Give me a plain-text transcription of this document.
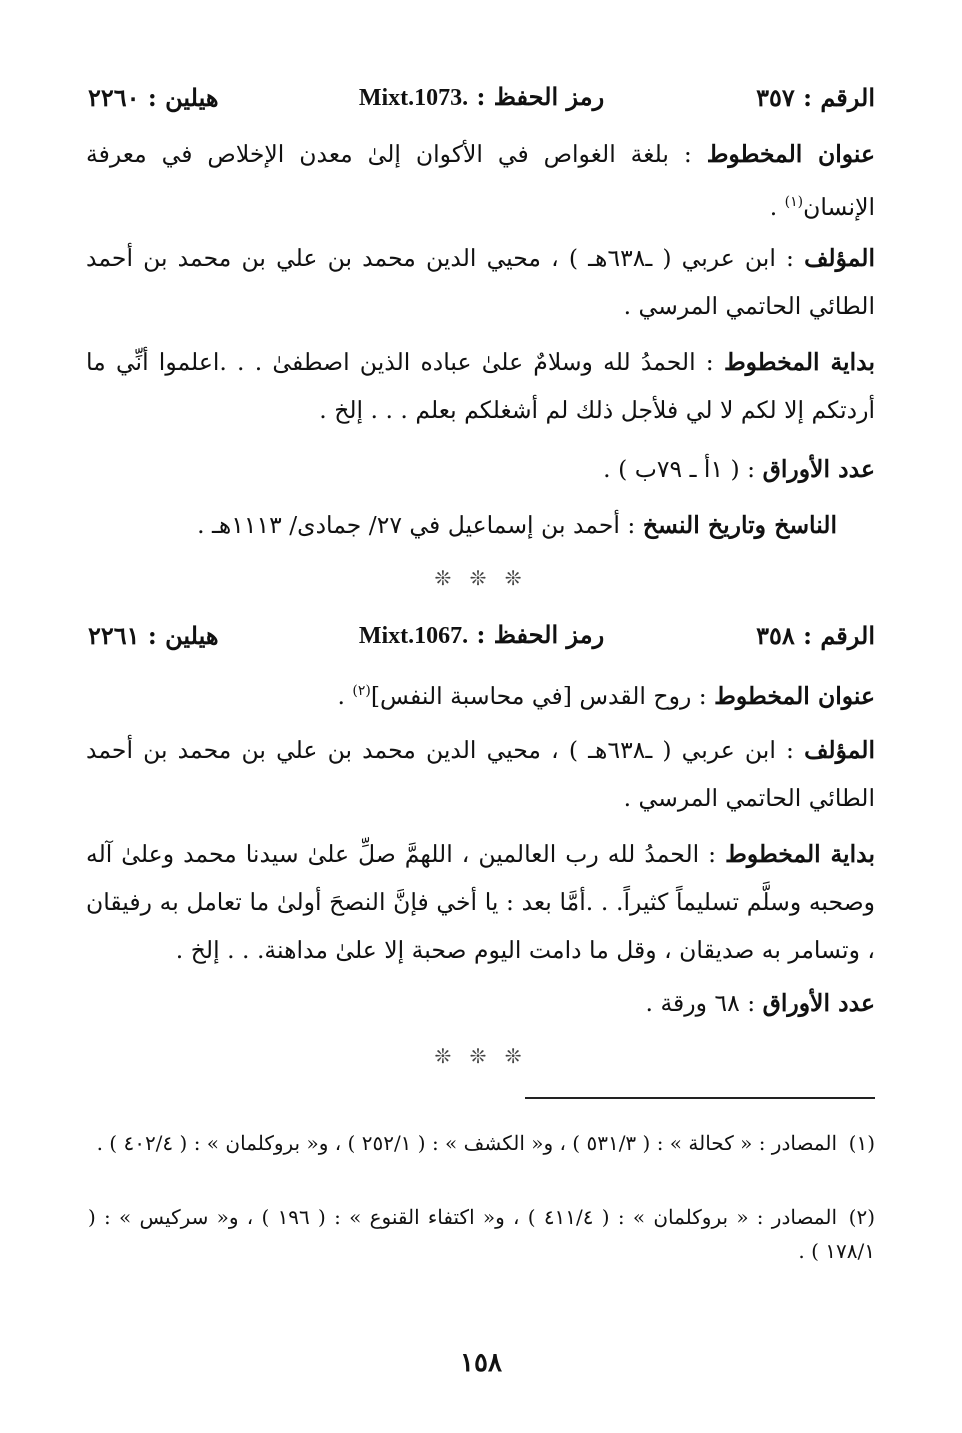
الرقم : ٣٥٧
رمز الحفظ : Mixt.1073.
هيلين : ٢٢٦٠
عنوان المخطوط : بلغة الغواص في الأكوان إلىٰ معدن الإخلاص في معرفة الإنسان$^{(١)}$ .
المؤلف : ابن عربي ( ـ٦٣٨هـ ) ، محيي الدين محمد بن علي بن محمد بن أحمد الطائي الحاتمي المرسي .
بداية المخطوط : الحمدُ لله وسلامٌ علىٰ عباده الذين اصطفىٰ . . .اعلموا أنِّي ما أردتكم إلا لكم لا لي فلأجل ذلك لم أشغلكم بعلم . . . إلخ .
عدد الأوراق : ( ١أ ـ ٧٩ب ) .
الناسخ وتاريخ النسخ : أحمد بن إسماعيل في ٢٧/ جمادى/ ١١١٣هـ .
❊ ❊ ❊
الرقم : ٣٥٨
رمز الحفظ : Mixt.1067.
هيلين : ٢٢٦١
عنوان المخطوط : روح القدس [في محاسبة النفس]$^{(٢)}$ .
المؤلف : ابن عربي ( ـ٦٣٨هـ ) ، محيي الدين محمد بن علي بن محمد بن أحمد الطائي الحاتمي المرسي .
بداية المخطوط : الحمدُ لله رب العالمين ، اللهمَّ صلِّ علىٰ سيدنا محمد وعلىٰ آله وصحبه وسلَّم تسليماً كثيراً. . .أمَّا بعد : يا أخي فإنَّ النصحَ أولىٰ ما تعامل به رفيقان ، وتسامر به صديقان ، وقل ما دامت اليوم صحبة إلا علىٰ مداهنة. . . إلخ .
عدد الأوراق : ٦٨ ورقة .
❊ ❊ ❊
(١)المصادر : « كحالة » : ( ٥٣١/٣ ) ، و« الكشف » : ( ٢٥٢/١ ) ، و« بروكلمان » : ( ٤٠٢/٤ ) .
(٢)المصادر : « بروكلمان » : ( ٤١١/٤ ) ، و« اكتفاء القنوع » : ( ١٩٦ ) ، و« سركيس » : ( ١٧٨/١ ) .
١٥٨
